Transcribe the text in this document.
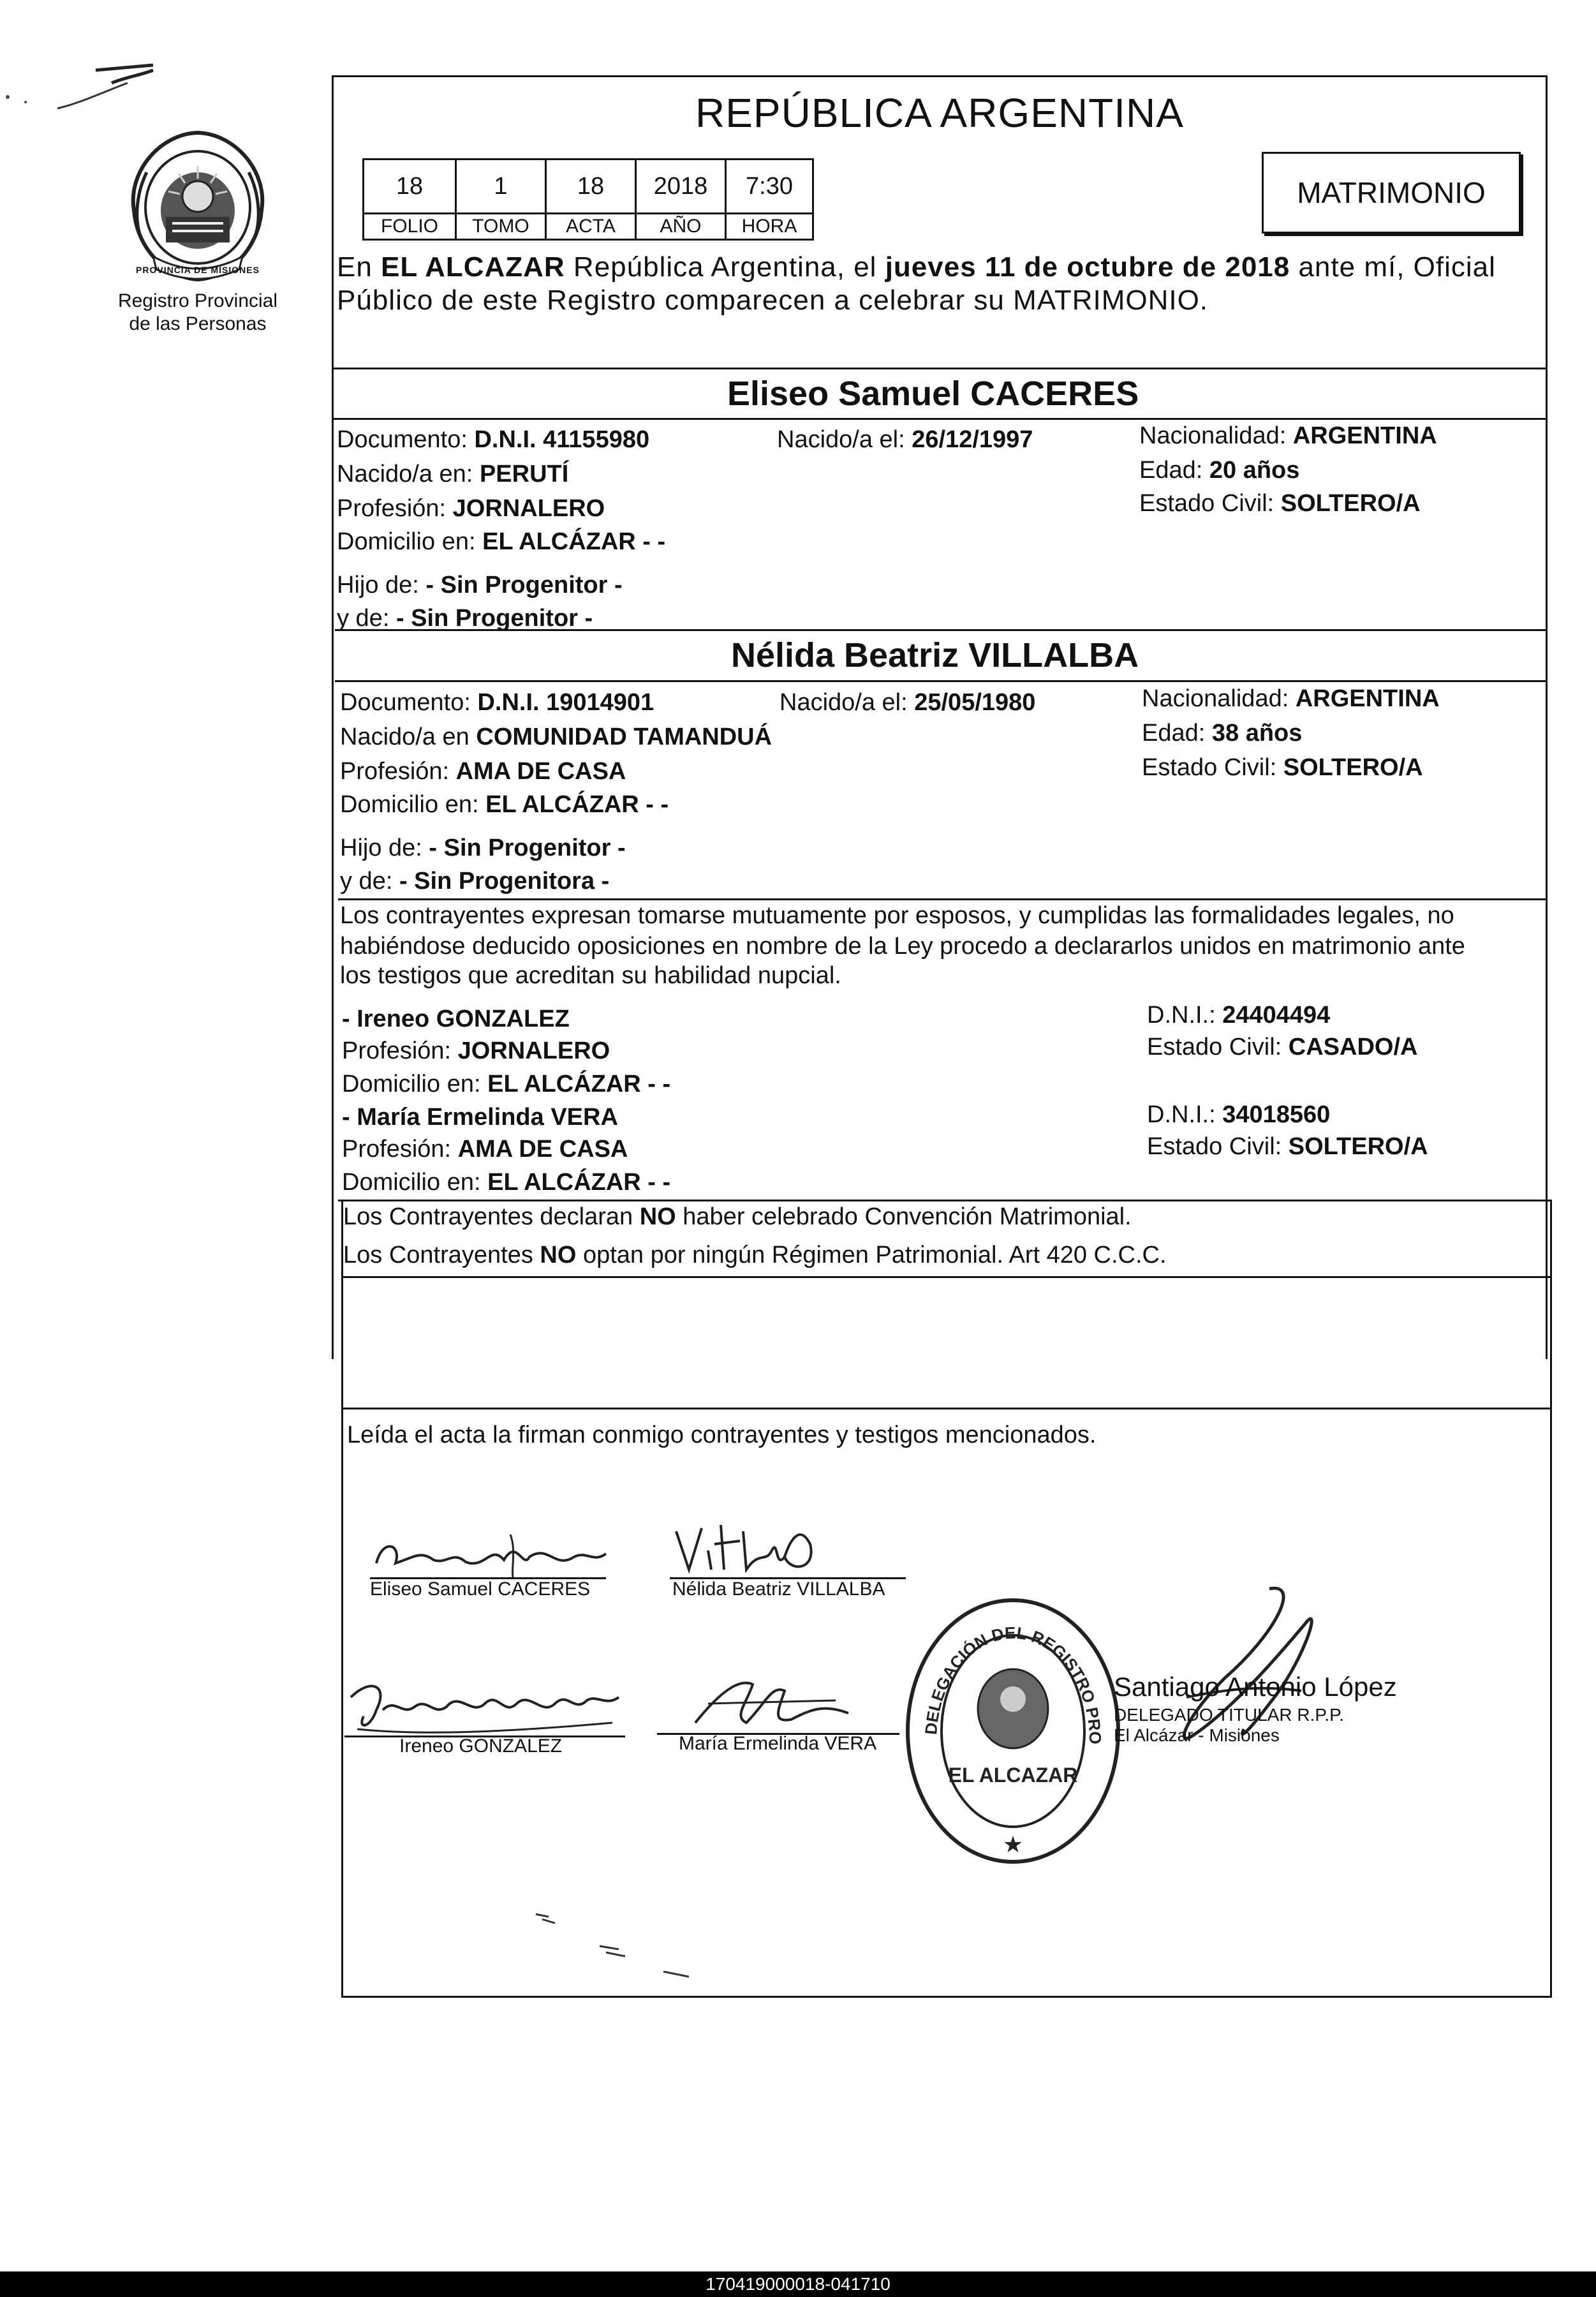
PROVINCIA DE MISIONES
Registro Provincial
de las Personas
REPÚBLICA ARGENTINA
18	1	18	2018	7:30
FOLIO	TOMO	ACTA	AÑO	HORA
MATRIMONIO
En EL ALCAZAR República Argentina, el jueves 11 de octubre de 2018 ante mí, Oficial
Público de este Registro comparecen a celebrar su MATRIMONIO.
Eliseo Samuel CACERES
Documento: D.N.I. 41155980	Nacido/a el: 26/12/1997	Nacionalidad: ARGENTINA
Nacido/a en: PERUTÍ	Edad: 20 años
Profesión: JORNALERO	Estado Civil: SOLTERO/A
Domicilio en: EL ALCÁZAR - -
Hijo de: - Sin Progenitor -
y de: - Sin Progenitor -
Nélida Beatriz VILLALBA
Documento: D.N.I. 19014901	Nacido/a el: 25/05/1980	Nacionalidad: ARGENTINA
Nacido/a en COMUNIDAD TAMANDUÁ	Edad: 38 años
Profesión: AMA DE CASA	Estado Civil: SOLTERO/A
Domicilio en: EL ALCÁZAR - -
Hijo de: - Sin Progenitor -
y de: - Sin Progenitora -
Los contrayentes expresan tomarse mutuamente por esposos, y cumplidas las formalidades legales, no
habiéndose deducido oposiciones en nombre de la Ley procedo a declararlos unidos en matrimonio ante
los testigos que acreditan su habilidad nupcial.
- Ireneo GONZALEZ	D.N.I.: 24404494
Profesión: JORNALERO	Estado Civil: CASADO/A
Domicilio en: EL ALCÁZAR - -
- María Ermelinda VERA	D.N.I.: 34018560
Profesión: AMA DE CASA	Estado Civil: SOLTERO/A
Domicilio en: EL ALCÁZAR - -
Los Contrayentes declaran NO haber celebrado Convención Matrimonial.
Los Contrayentes NO optan por ningún Régimen Patrimonial. Art 420 C.C.C.
Leída el acta la firman conmigo contrayentes y testigos mencionados.
Eliseo Samuel CACERES	Nélida Beatriz VILLALBA
Ireneo GONZALEZ	María Ermelinda VERA
DELEGACIÓN DEL REGISTRO PRO
EL ALCAZAR
★
Santiago Antonio López
DELEGADO TITULAR R.P.P.
El Alcázar - Misiones
170419000018-041710
